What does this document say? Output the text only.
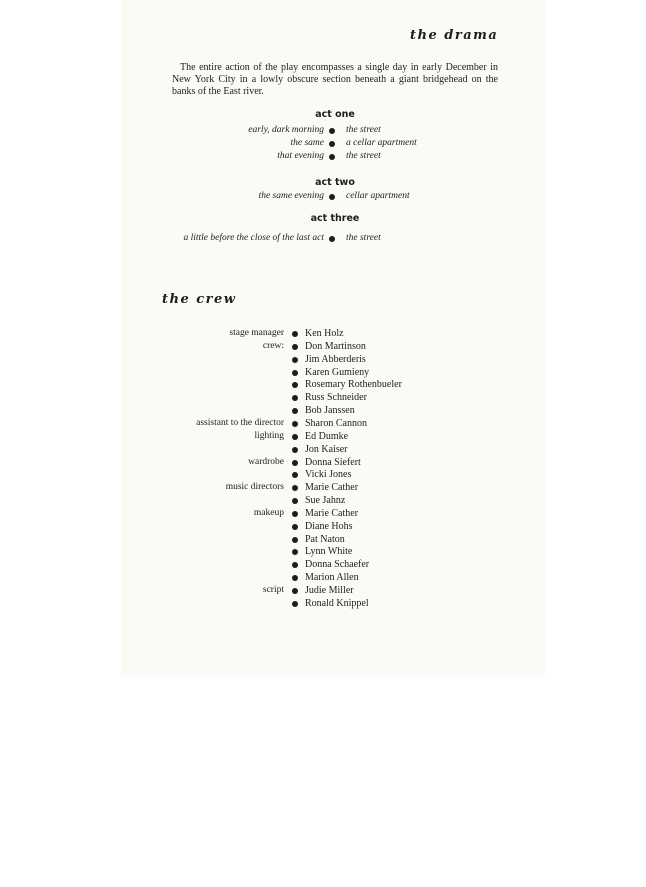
the drama
The entire action of the play encompasses a single day in early December in New York City in a lowly obscure section beneath a giant bridgehead on the banks of the East river.
act one
early, dark morning the street
the same a cellar apartment
that evening the street
act two
the same evening cellar apartment
act three
a little before the close of the last act the street
the crew
stage manager Ken Holz
crew: Don Martinson
Jim Abberderis
Karen Gumieny
Rosemary Rothenbueler
Russ Schneider
Bob Janssen
assistant to the director Sharon Cannon
lighting Ed Dumke
Jon Kaiser
wardrobe Donna Siefert
Vicki Jones
music directors Marie Cather
Sue Jahnz
makeup Marie Cather
Diane Hohs
Pat Naton
Lynn White
Donna Schaefer
Marion Allen
script Judie Miller
Ronald Knippel
